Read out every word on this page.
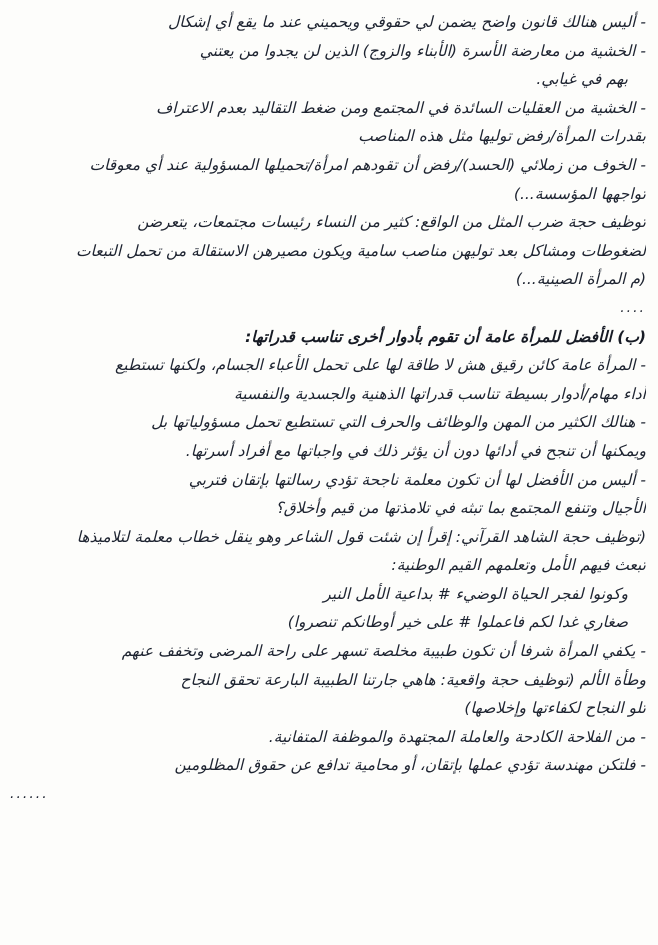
- أليس هنالك قانون واضح يضمن لي حقوقي ويحميني عند ما يقع أي إشكال
- الخشية من معارضة الأسرة (الأبناء والزوج) الذين لن يجدوا من يعتني
بهم في غيابي.
- الخشية من العقليات السائدة في المجتمع ومن ضغط التقاليد بعدم الاعتراف
بقدرات المرأة/رفض توليها مثل هذه المناصب
- الخوف من زملائي (الحسد)/رفض أن تقودهم امرأة/تحميلها المسؤولية عند أي معوقات
تواجهها المؤسسة...)
توظيف حجة ضرب المثل من الواقع: كثير من النساء رئيسات مجتمعات، يتعرضن
لضغوطات ومشاكل بعد توليهن مناصب سامية ويكون مصيرهن الاستقالة من تحمل التبعات
(م المرأة الصينية...)
....
(ب) الأفضل للمرأة عامة أن تقوم بأدوار أخرى تناسب قدراتها:
- المرأة عامة كائن رقيق هش لا طاقة لها على تحمل الأعباء الجسام، ولكنها تستطيع
أداء مهام/أدوار بسيطة تناسب قدراتها الذهنية والجسدية والنفسية
- هنالك الكثير من المهن والوظائف والحرف التي تستطيع تحمل مسؤولياتها بل
ويمكنها أن تنجح في أدائها دون أن يؤثر ذلك في واجباتها مع أفراد أسرتها.
- أليس من الأفضل لها أن تكون معلمة ناجحة تؤدي رسالتها بإتقان فتربي
الأجيال وتنفع المجتمع بما تبثه في تلامذتها من قيم وأخلاق؟
(توظيف حجة الشاهد القرآني: إقرأ إن شئت قول الشاعر وهو ينقل خطاب معلمة لتلاميذها
تبعث فيهم الأمل وتعلمهم القيم الوطنية:
وكونوا لفجر الحياة الوضيء # بداعية الأمل النير
صغاري غدا لكم فاعملوا # على خير أوطانكم تنصروا)
- يكفي المرأة شرفا أن تكون طبيبة مخلصة تسهر على راحة المرضى وتخفف عنهم
وطأة الألم (توظيف حجة واقعية: هاهي جارتنا الطبيبة البارعة تحقق النجاح
تلو النجاح لكفاءتها وإخلاصها)
- من الفلاحة الكادحة والعاملة المجتهدة والموظفة المتفانية.
- فلتكن مهندسة تؤدي عملها بإتقان، أو محامية تدافع عن حقوق المظلومين
......
